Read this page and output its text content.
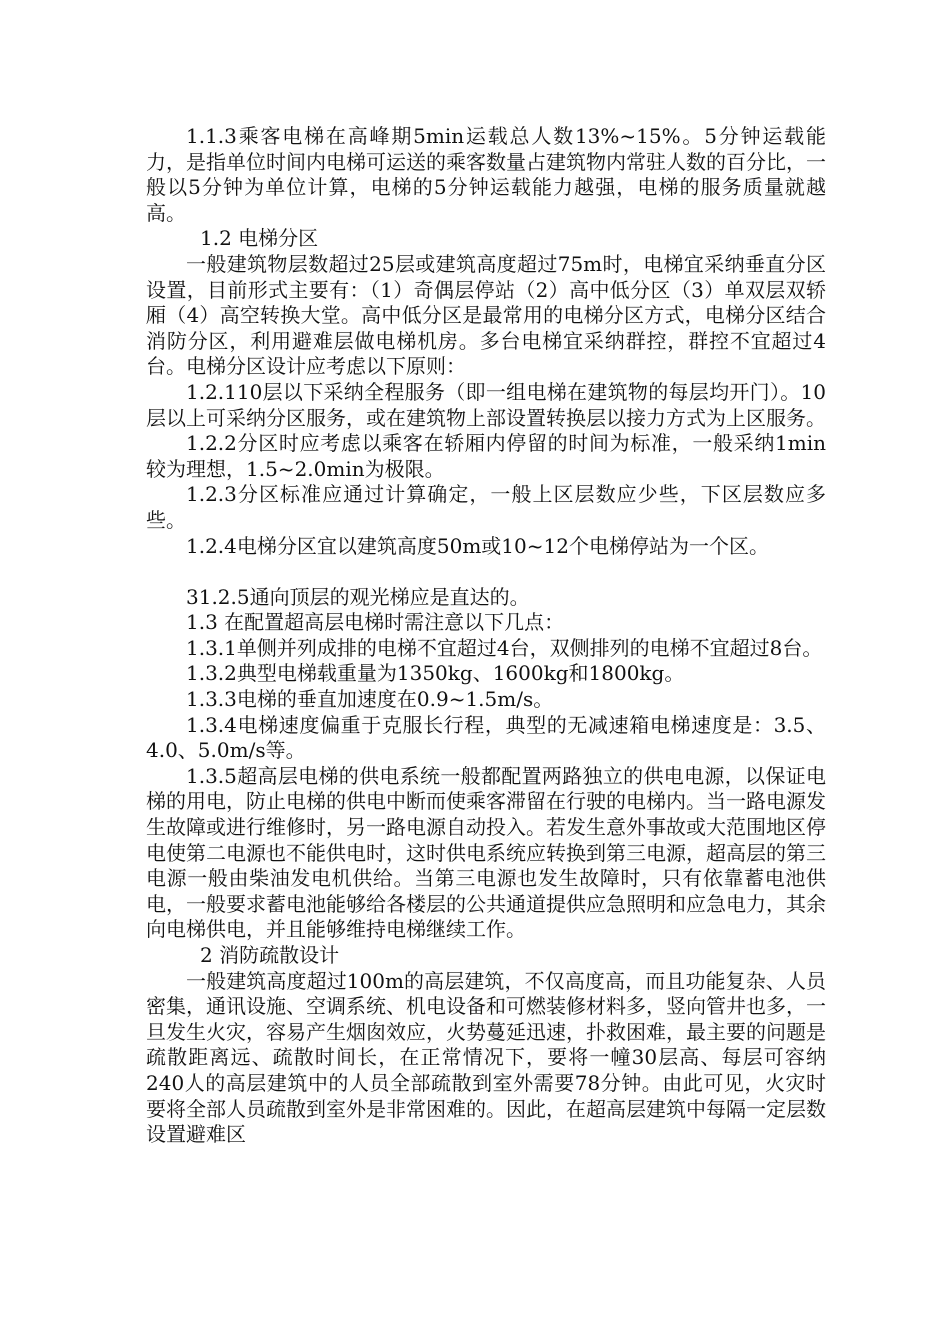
1.1.3乘客电梯在高峰期5min运载总人数13%~15%。5分钟运载能力，是指单位时间内电梯可运送的乘客数量占建筑物内常驻人数的百分比，一般以5分钟为单位计算，电梯的5分钟运载能力越强，电梯的服务质量就越高。

1.2 电梯分区

一般建筑物层数超过25层或建筑高度超过75m时，电梯宜采纳垂直分区设置，目前形式主要有：（1）奇偶层停站（2）高中低分区（3）单双层双轿厢（4）高空转换大堂。高中低分区是最常用的电梯分区方式，电梯分区结合消防分区，利用避难层做电梯机房。多台电梯宜采纳群控，群控不宜超过4台。电梯分区设计应考虑以下原则：

1.2.110层以下采纳全程服务（即一组电梯在建筑物的每层均开门）。10层以上可采纳分区服务，或在建筑物上部设置转换层以接力方式为上区服务。

1.2.2分区时应考虑以乘客在轿厢内停留的时间为标准，一般采纳1min较为理想，1.5~2.0min为极限。

1.2.3分区标准应通过计算确定，一般上区层数应少些，下区层数应多些。

1.2.4电梯分区宜以建筑高度50m或10~12个电梯停站为一个区。

31.2.5通向顶层的观光梯应是直达的。

1.3 在配置超高层电梯时需注意以下几点：

1.3.1单侧并列成排的电梯不宜超过4台，双侧排列的电梯不宜超过8台。

1.3.2典型电梯载重量为1350kg、1600kg和1800kg。

1.3.3电梯的垂直加速度在0.9~1.5m/s。

1.3.4电梯速度偏重于克服长行程，典型的无减速箱电梯速度是：3.5、4.0、5.0m/s等。

1.3.5超高层电梯的供电系统一般都配置两路独立的供电电源，以保证电梯的用电，防止电梯的供电中断而使乘客滞留在行驶的电梯内。当一路电源发生故障或进行维修时，另一路电源自动投入。若发生意外事故或大范围地区停电使第二电源也不能供电时，这时供电系统应转换到第三电源，超高层的第三电源一般由柴油发电机供给。当第三电源也发生故障时，只有依靠蓄电池供电，一般要求蓄电池能够给各楼层的公共通道提供应急照明和应急电力，其余向电梯供电，并且能够维持电梯继续工作。

2 消防疏散设计

一般建筑高度超过100m的高层建筑，不仅高度高，而且功能复杂、人员密集，通讯设施、空调系统、机电设备和可燃装修材料多，竖向管井也多，一旦发生火灾，容易产生烟囱效应，火势蔓延迅速，扑救困难，最主要的问题是疏散距离远、疏散时间长，在正常情况下，要将一幢30层高、每层可容纳240人的高层建筑中的人员全部疏散到室外需要78分钟。由此可见，火灾时要将全部人员疏散到室外是非常困难的。因此，在超高层建筑中每隔一定层数设置避难区
